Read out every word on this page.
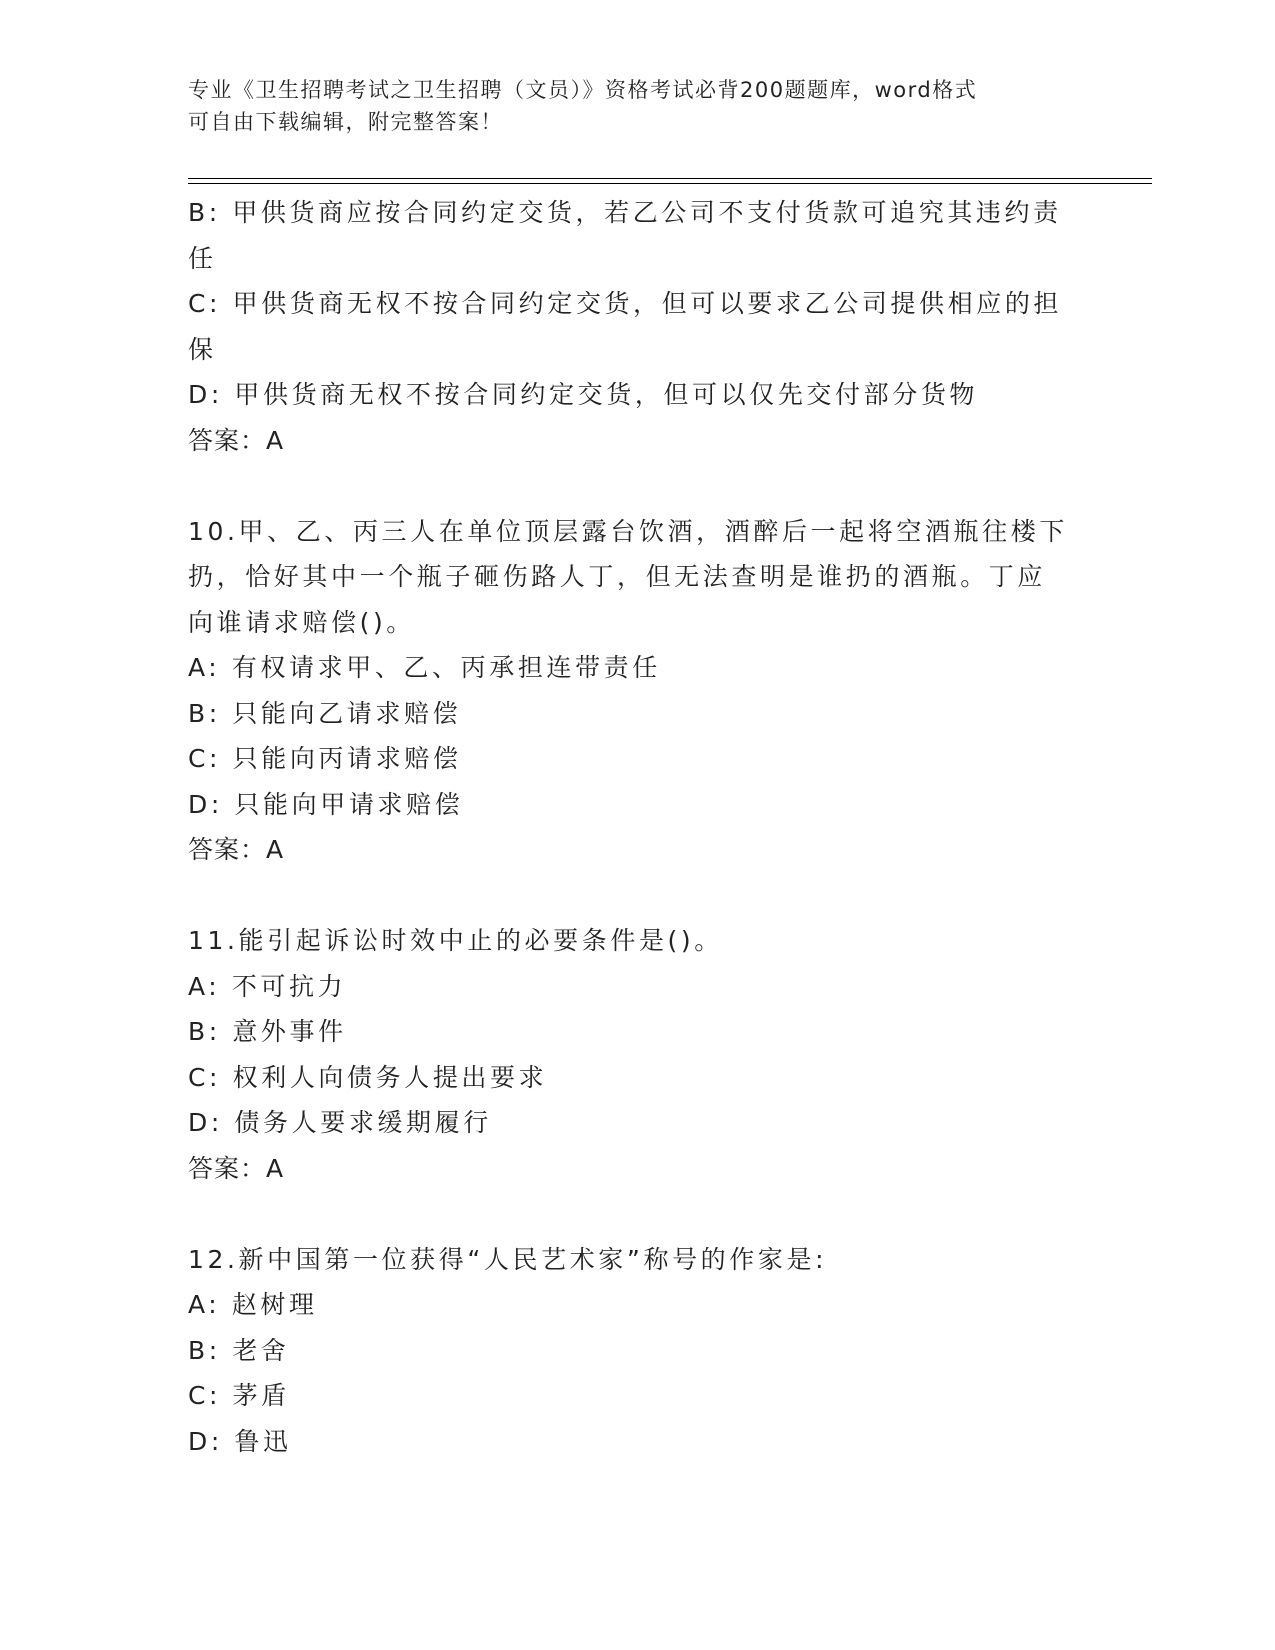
专业《卫生招聘考试之卫生招聘（文员）》资格考试必背200题题库，word格式
可自由下载编辑，附完整答案！
B: 甲供货商应按合同约定交货，若乙公司不支付货款可追究其违约责
任
C: 甲供货商无权不按合同约定交货，但可以要求乙公司提供相应的担
保
D: 甲供货商无权不按合同约定交货，但可以仅先交付部分货物
答案：A
10.甲、乙、丙三人在单位顶层露台饮酒，酒醉后一起将空酒瓶往楼下
扔，恰好其中一个瓶子砸伤路人丁，但无法查明是谁扔的酒瓶。丁应
向谁请求赔偿()。
A: 有权请求甲、乙、丙承担连带责任
B: 只能向乙请求赔偿
C: 只能向丙请求赔偿
D: 只能向甲请求赔偿
答案：A
11.能引起诉讼时效中止的必要条件是()。
A: 不可抗力
B: 意外事件
C: 权利人向债务人提出要求
D: 债务人要求缓期履行
答案：A
12.新中国第一位获得“人民艺术家”称号的作家是:
A: 赵树理
B: 老舍
C: 茅盾
D: 鲁迅
